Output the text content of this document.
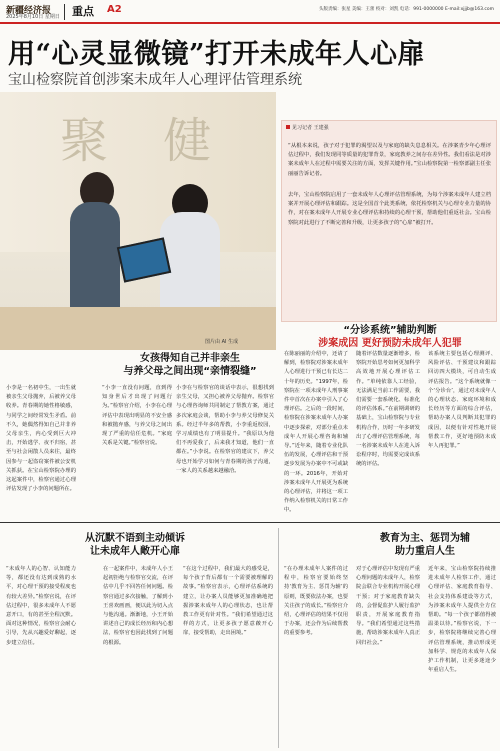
新疆经济报
2025年8月10日 星期日 重点 A2	头版责编：张星 美编：王蕾 校对：刘凯 电话：991-0000000 E-mail:xjjjb@163.com
用“心灵显微镜”打开未成年人心扉
宝山检察院首创涉案未成年人心理评估管理系统
聚 健
图片由 AI 生成
见习记者 王建强
“从根本来说，孩子对于犯罪的渴望以及与家庭的缺失息息相关。在涉案青少年心理评估过程中，我们发现同等质量的犯罪背景，家庭教养之间存在差异性。我们看法是对涉案未成年人在过程中需要关注的方面，发挥关键作用。”宝山检察院第一检察部副主任张丽丽告诉记者。
去年，宝山检察院启用了一套未成年人心理评估管理系统，为每个涉案未成年人建立档案并开展心理评估和跟踪。这是全国首个此类系统，依托检察机关与心理专业力量的协作，对在案未成年人开展专业心理评估和持续的心理干预，帮助他们重返社会。宝山检察院对此进行了不断完善和升级，让更多孩子的“心扉”被打开。
“分诊系统”辅助判断
涉案成因 更好预防未成年人犯罪
在陈丽丽的介绍中，还请了解到，检察院对涉案未成年人心理进行干预已有长达二十年的历史。“1997年，检察院在一项未成年人刑事案件中首次在办案中引入了心理评估。之后的一段时间，检察院在涉案未成年人办案中逐步探索，对部分重点未成年人开展心理咨询和辅导。”近年来，随着专业化队伍的发展，心理评估和干预逐步发展为办案中不可或缺的一环。2016年，开始对涉案未成年人开展更为系统的心理评估，并将这一项工作纳入检察机关的日常工作中。
随着评估数量逐渐增多，检察院开始思考如何更加科学高效地开展心理评估工作。“单纯依靠人工经验，无法满足当前工作需要，我们需要一套系统化、标准化的评估体系。”在前期调研的基础上，宝山检察院与专业机构合作，历时一年多研发出了心理评估管理系统，每一名涉案未成年人在进入诉讼程序时，均需要完成该系统的评估。
该系统主要包括心理测评、风险评估、干预建议和跟踪回访四大模块，可自动生成评估报告。“这个系统就像一个‘分诊台’，通过对未成年人的心理状态、家庭环境和成长经历等方面的综合评估，帮助办案人员判断其犯罪的成因，以便有针对性地开展帮教工作，更好地预防未成年人再犯罪。”
女孩得知自己并非亲生
与养父母之间出现“亲情裂缝”
小李是一名初中生，一出生就被亲生父母抛弃，后被养父母收养。青春期的她性格敏感，与同学之间经常发生矛盾。前不久，她偶然得知自己并非养父母亲生，内心受到巨大冲击，开始逃学、夜不归宿，甚至与社会闲散人员来往，最终因参与一起盗窃案件被公安机关抓获。在宝山检察院办理的这起案件中，检察官通过心理评估发现了小李的问题所在。
“小李一直没有问题，直到得知身世后才出现了问题行为。”检察官介绍，小李在心理评估中表现出明显的不安全感和被抛弃感，与养父母之间出现了严重的信任危机。“家庭关系是关键。”检察官说。
小李在与检察官的谈话中表示，很想找到亲生父母，又担心被养父母抛弃。检察官与心理咨询师共同制定了帮教方案，通过多次家庭会谈，帮助小李与养父母修复关系。经过半年多的帮教，小李重返校园，学习成绩也有了明显提升。“我原以为他们不再爱我了，后来我才知道，他们一直都在。”小李说。在检察官的建议下，养父母也开始学习如何与青春期的孩子沟通，一家人的关系越来越融洽。
从沉默不语到主动倾诉
让未成年人敞开心扉
“未成年人的心智、认知能力等，都还没有达到成熟的水平，对心理干预的接受程度也有较大差异。”检察官说，在评估过程中，很多未成年人不愿意开口，有的甚至全程沉默。面对这种情况，检察官会耐心引导，先从兴趣爱好聊起，逐步建立信任。
在一起案件中，未成年人小王起初拒绝与检察官交流，在评估中几乎不回答任何问题。检察官通过多次接触，了解到小王喜欢画画，便以此为切入点与他沟通。渐渐地，小王开始讲述自己的成长经历和内心想法，检察官也因此找到了问题的根源。
“在这个过程中，我们最大的感受是，每个孩子背后都有一个需要被理解的故事。”检察官表示，心理评估系统的建立，让办案人员能够更加准确地把握涉案未成年人的心理状态，也让帮教工作更有针对性。“我们希望通过这样的方式，让更多孩子愿意敞开心扉，接受帮助，走出困境。”
教育为主、惩罚为辅
助力重启人生
“在办理未成年人案件的过程中，检察官要始终坚持‘教育为主、惩罚为辅’的原则，既要依法办案，也要关注孩子的成长。”检察官介绍，心理评估的结果不仅用于办案，还会作为后续帮教的重要参考。
对于心理评估中发现有严重心理问题的未成年人，检察院会联合专业机构开展心理干预；对于家庭教育缺失的，会督促监护人履行监护职责，开展家庭教育指导。“我们希望通过这些措施，帮助涉案未成年人真正回归社会。”
近年来，宝山检察院持续推进未成年人检察工作，通过心理评估、家庭教育指导、社会支持体系建设等方式，为涉案未成年人提供全方位帮助。“每一个孩子都值得被温柔以待。”检察官说，下一步，检察院将继续完善心理评估管理系统，推动形成更加科学、规范的未成年人保护工作机制，让更多迷途少年重启人生。
